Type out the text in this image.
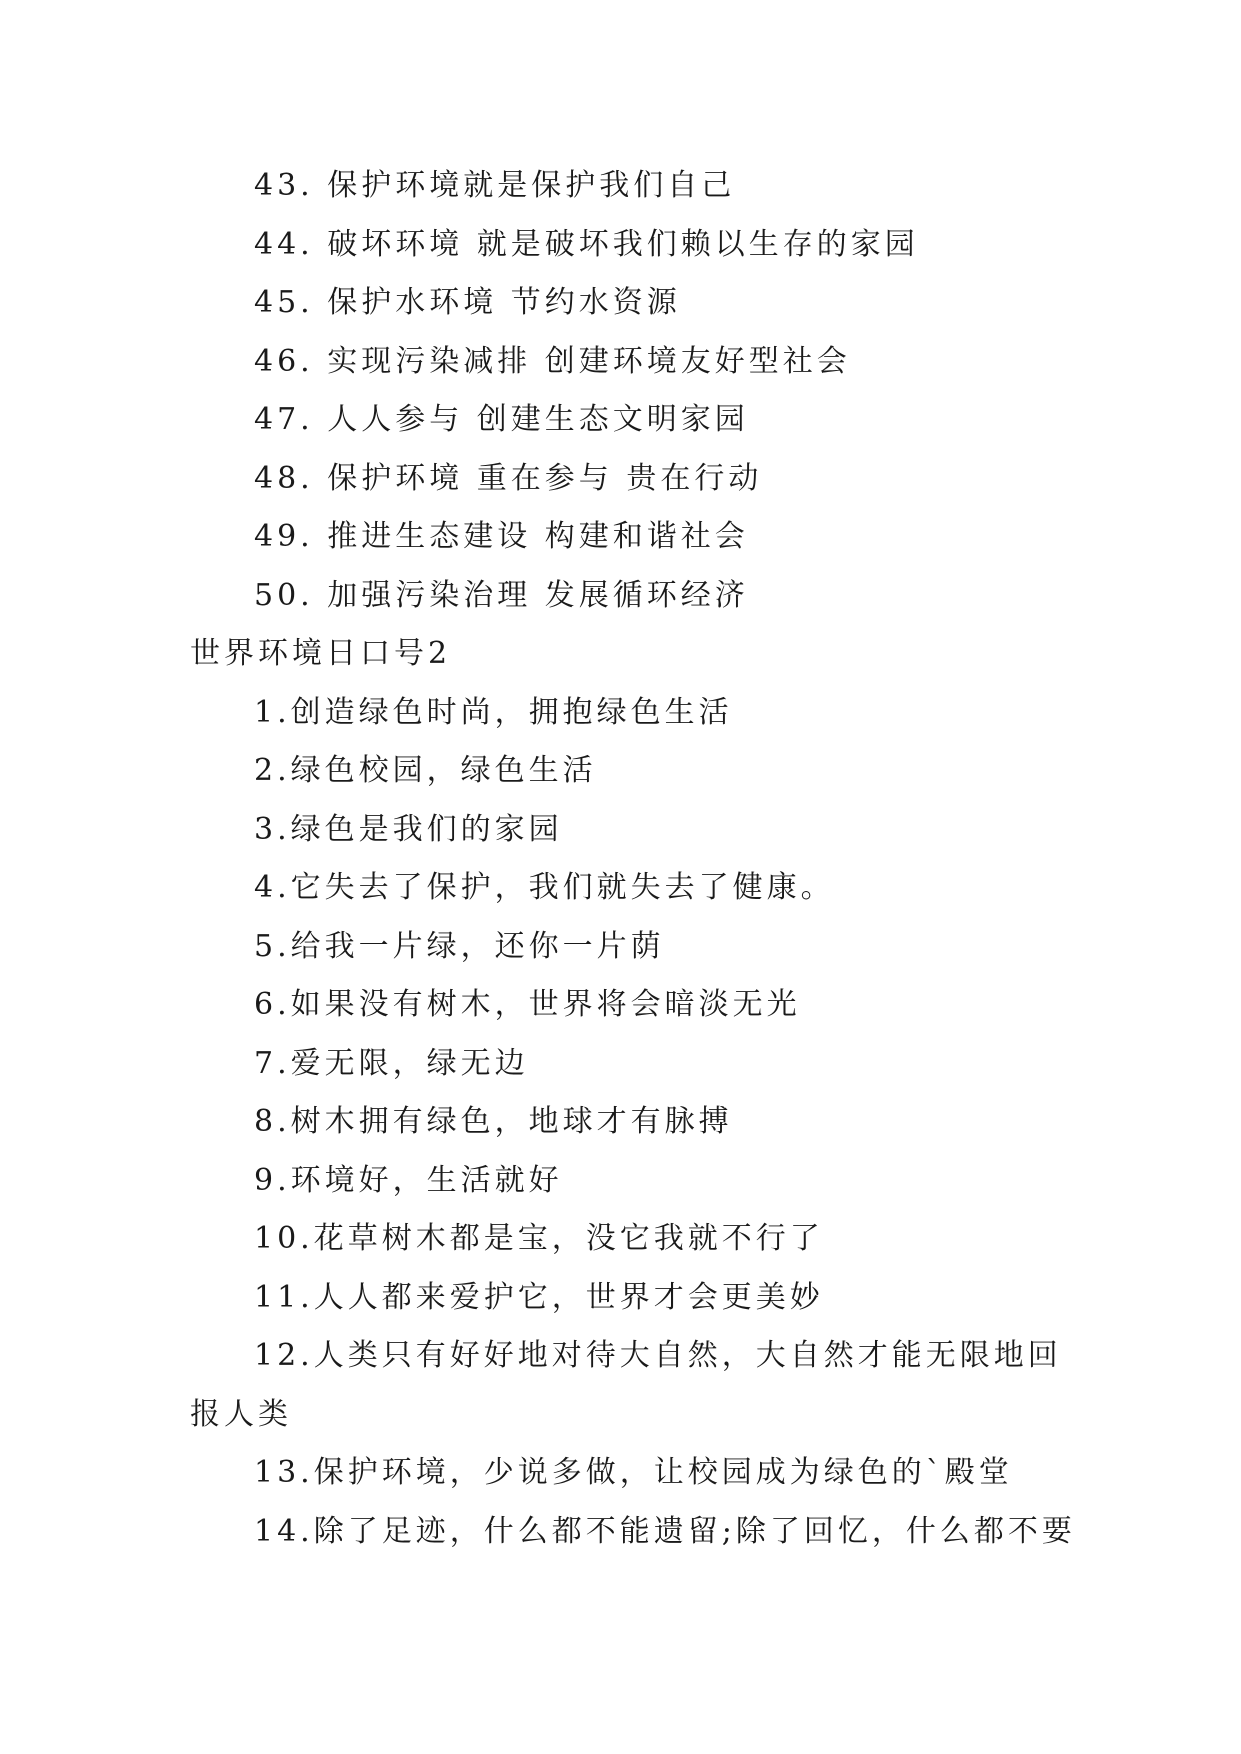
43. 保护环境就是保护我们自己
44. 破坏环境 就是破坏我们赖以生存的家园
45. 保护水环境 节约水资源
46. 实现污染减排 创建环境友好型社会
47. 人人参与 创建生态文明家园
48. 保护环境 重在参与 贵在行动
49. 推进生态建设 构建和谐社会
50. 加强污染治理 发展循环经济
世界环境日口号2
1.创造绿色时尚，拥抱绿色生活
2.绿色校园，绿色生活
3.绿色是我们的家园
4.它失去了保护，我们就失去了健康。
5.给我一片绿，还你一片荫
6.如果没有树木，世界将会暗淡无光
7.爱无限，绿无边
8.树木拥有绿色，地球才有脉搏
9.环境好，生活就好
10.花草树木都是宝，没它我就不行了
11.人人都来爱护它，世界才会更美妙
12.人类只有好好地对待大自然，大自然才能无限地回
报人类
13.保护环境，少说多做，让校园成为绿色的`殿堂
14.除了足迹，什么都不能遗留;除了回忆，什么都不要
